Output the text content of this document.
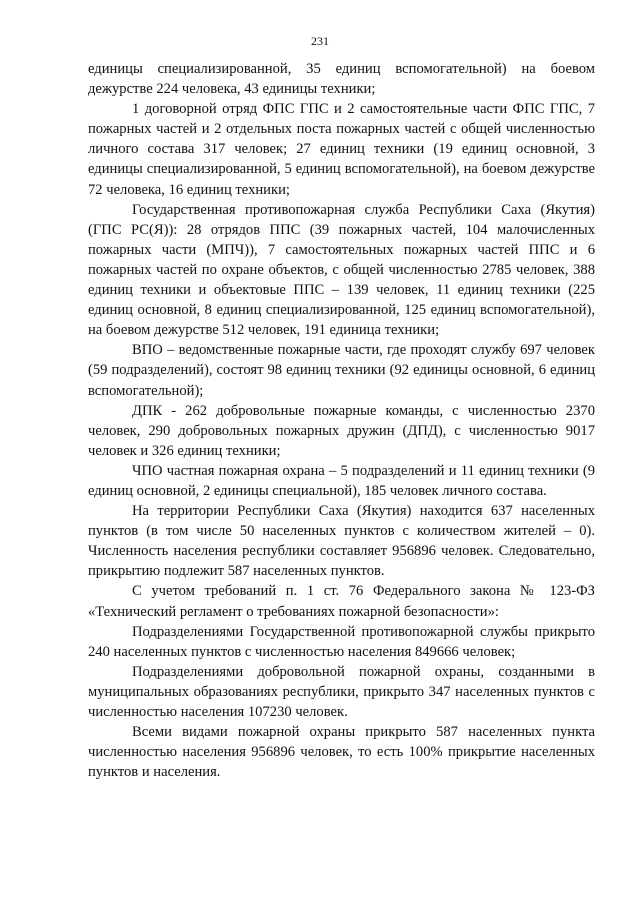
231

единицы специализированной, 35 единиц вспомогательной) на боевом дежурстве 224 человека, 43 единицы техники;

1 договорной отряд ФПС ГПС и 2 самостоятельные части ФПС ГПС, 7 пожарных частей и 2 отдельных поста пожарных частей с общей численностью личного состава 317 человек; 27 единиц техники (19 единиц основной, 3 единицы специализированной, 5 единиц вспомогательной), на боевом дежурстве 72 человека, 16 единиц техники;

Государственная противопожарная служба Республики Саха (Якутия) (ГПС РС(Я)): 28 отрядов ППС (39 пожарных частей, 104 малочисленных пожарных части (МПЧ)), 7 самостоятельных пожарных частей ППС и 6 пожарных частей по охране объектов, с общей численностью 2785 человек, 388 единиц техники и объектовые ППС – 139 человек, 11 единиц техники (225 единиц основной, 8 единиц специализированной, 125 единиц вспомогательной), на боевом дежурстве 512 человек, 191 единица техники;

ВПО – ведомственные пожарные части, где проходят службу 697 человек (59 подразделений), состоят 98 единиц техники (92 единицы основной, 6 единиц вспомогательной);

ДПК - 262 добровольные пожарные команды, с численностью 2370 человек, 290 добровольных пожарных дружин (ДПД), с численностью 9017 человек и 326 единиц техники;

ЧПО частная пожарная охрана – 5 подразделений и 11 единиц техники (9 единиц основной, 2 единицы специальной), 185 человек личного состава.

На территории Республики Саха (Якутия) находится 637 населенных пунктов (в том числе 50 населенных пунктов с количеством жителей – 0). Численность населения республики составляет 956896 человек. Следовательно, прикрытию подлежит 587 населенных пунктов.

С учетом требований п. 1 ст. 76 Федерального закона № 123-ФЗ «Технический регламент о требованиях пожарной безопасности»:

Подразделениями Государственной противопожарной службы прикрыто 240 населенных пунктов с численностью населения 849666 человек;

Подразделениями добровольной пожарной охраны, созданными в муниципальных образованиях республики, прикрыто 347 населенных пунктов с численностью населения 107230 человек.

Всеми видами пожарной охраны прикрыто 587 населенных пункта численностью населения 956896 человек, то есть 100% прикрытие населенных пунктов и населения.
